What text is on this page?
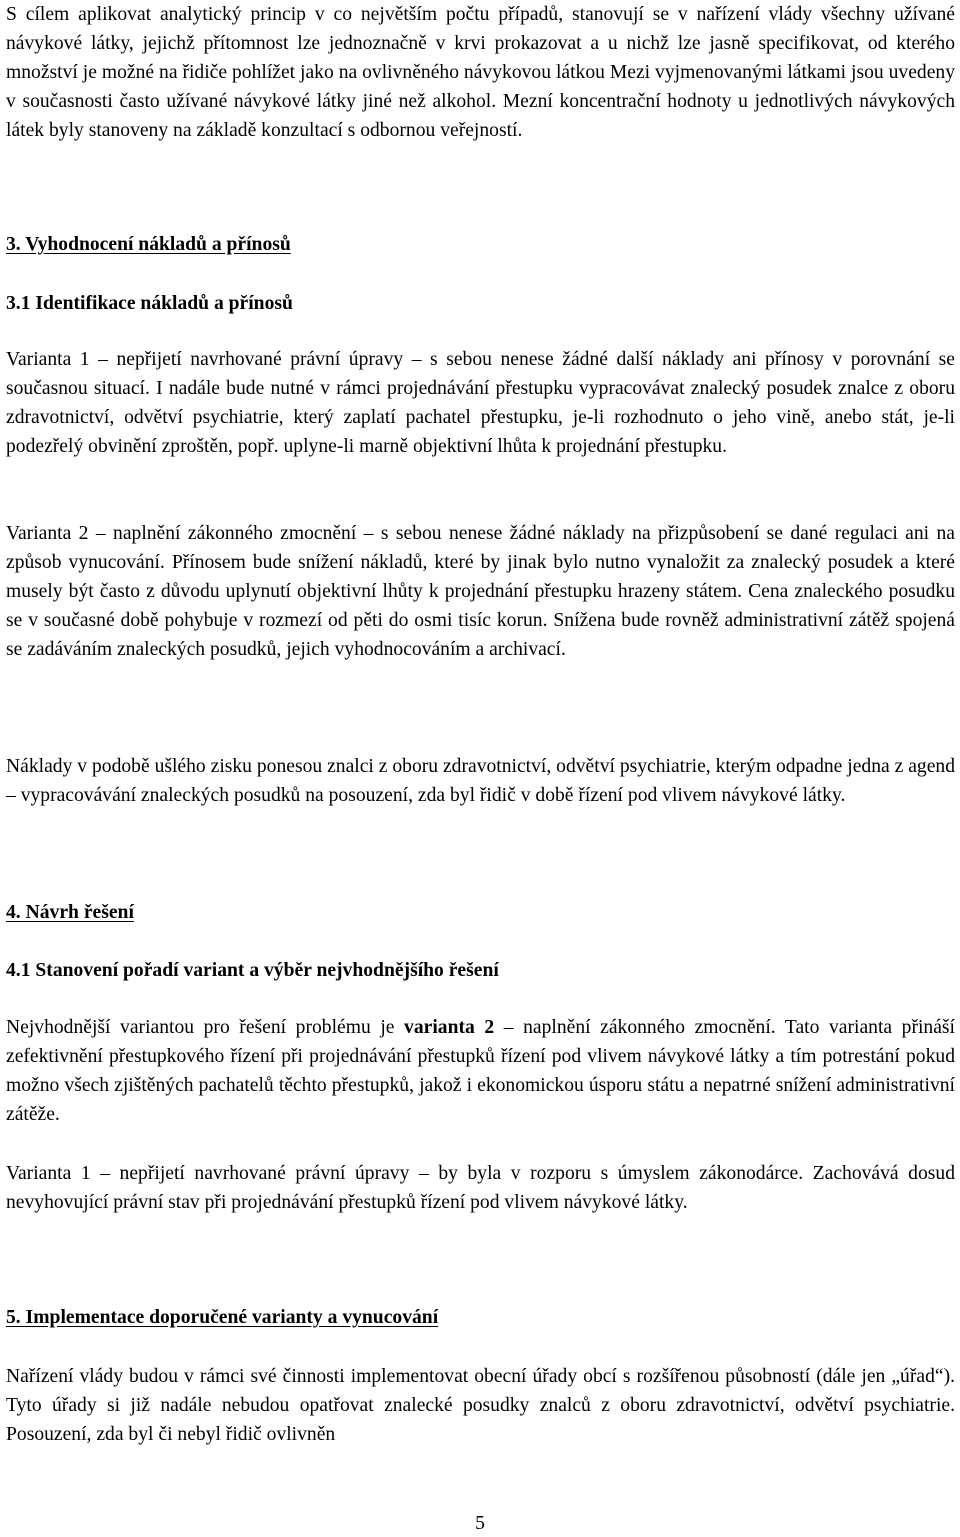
S cílem aplikovat analytický princip v co největším počtu případů, stanovují se v nařízení vlády všechny užívané návykové látky, jejichž přítomnost lze jednoznačně v krvi prokazovat a u nichž lze jasně specifikovat, od kterého množství je možné na řidiče pohlížet jako na ovlivněného návykovou látkou Mezi vyjmenovanými látkami jsou uvedeny v současnosti často užívané návykové látky jiné než alkohol. Mezní koncentrační hodnoty u jednotlivých návykových látek byly stanoveny na základě konzultací s odbornou veřejností.

3. Vyhodnocení nákladů a přínosů
3.1 Identifikace nákladů a přínosů

Varianta 1 – nepřijetí navrhované právní úpravy – s sebou nenese žádné další náklady ani přínosy v porovnání se současnou situací. I nadále bude nutné v rámci projednávání přestupku vypracovávat znalecký posudek znalce z oboru zdravotnictví, odvětví psychiatrie, který zaplatí pachatel přestupku, je-li rozhodnuto o jeho vině, anebo stát, je-li podezřelý obvinění zproštěn, popř. uplyne-li marně objektivní lhůta k projednání přestupku.

Varianta 2 – naplnění zákonného zmocnění – s sebou nenese žádné náklady na přizpůsobení se dané regulaci ani na způsob vynucování. Přínosem bude snížení nákladů, které by jinak bylo nutno vynaložit za znalecký posudek a které musely být často z důvodu uplynutí objektivní lhůty k projednání přestupku hrazeny státem. Cena znaleckého posudku se v současné době pohybuje v rozmezí od pěti do osmi tisíc korun. Snížena bude rovněž administrativní zátěž spojená se zadáváním znaleckých posudků, jejich vyhodnocováním a archivací.

Náklady v podobě ušlého zisku ponesou znalci z oboru zdravotnictví, odvětví psychiatrie, kterým odpadne jedna z agend – vypracovávání znaleckých posudků na posouzení, zda byl řidič v době řízení pod vlivem návykové látky.

4. Návrh řešení
4.1 Stanovení pořadí variant a výběr nejvhodnějšího řešení

Nejvhodnější variantou pro řešení problému je varianta 2 – naplnění zákonného zmocnění. Tato varianta přináší zefektivnění přestupkového řízení při projednávání přestupků řízení pod vlivem návykové látky a tím potrestání pokud možno všech zjištěných pachatelů těchto přestupků, jakož i ekonomickou úsporu státu a nepatrné snížení administrativní zátěže.

Varianta 1 – nepřijetí navrhované právní úpravy – by byla v rozporu s úmyslem zákonodárce. Zachovává dosud nevyhovující právní stav při projednávání přestupků řízení pod vlivem návykové látky.

5. Implementace doporučené varianty a vynucování

Nařízení vlády budou v rámci své činnosti implementovat obecní úřady obcí s rozšířenou působností (dále jen „úřad“). Tyto úřady si již nadále nebudou opatřovat znalecké posudky znalců z oboru zdravotnictví, odvětví psychiatrie. Posouzení, zda byl či nebyl řidič ovlivněn

5
